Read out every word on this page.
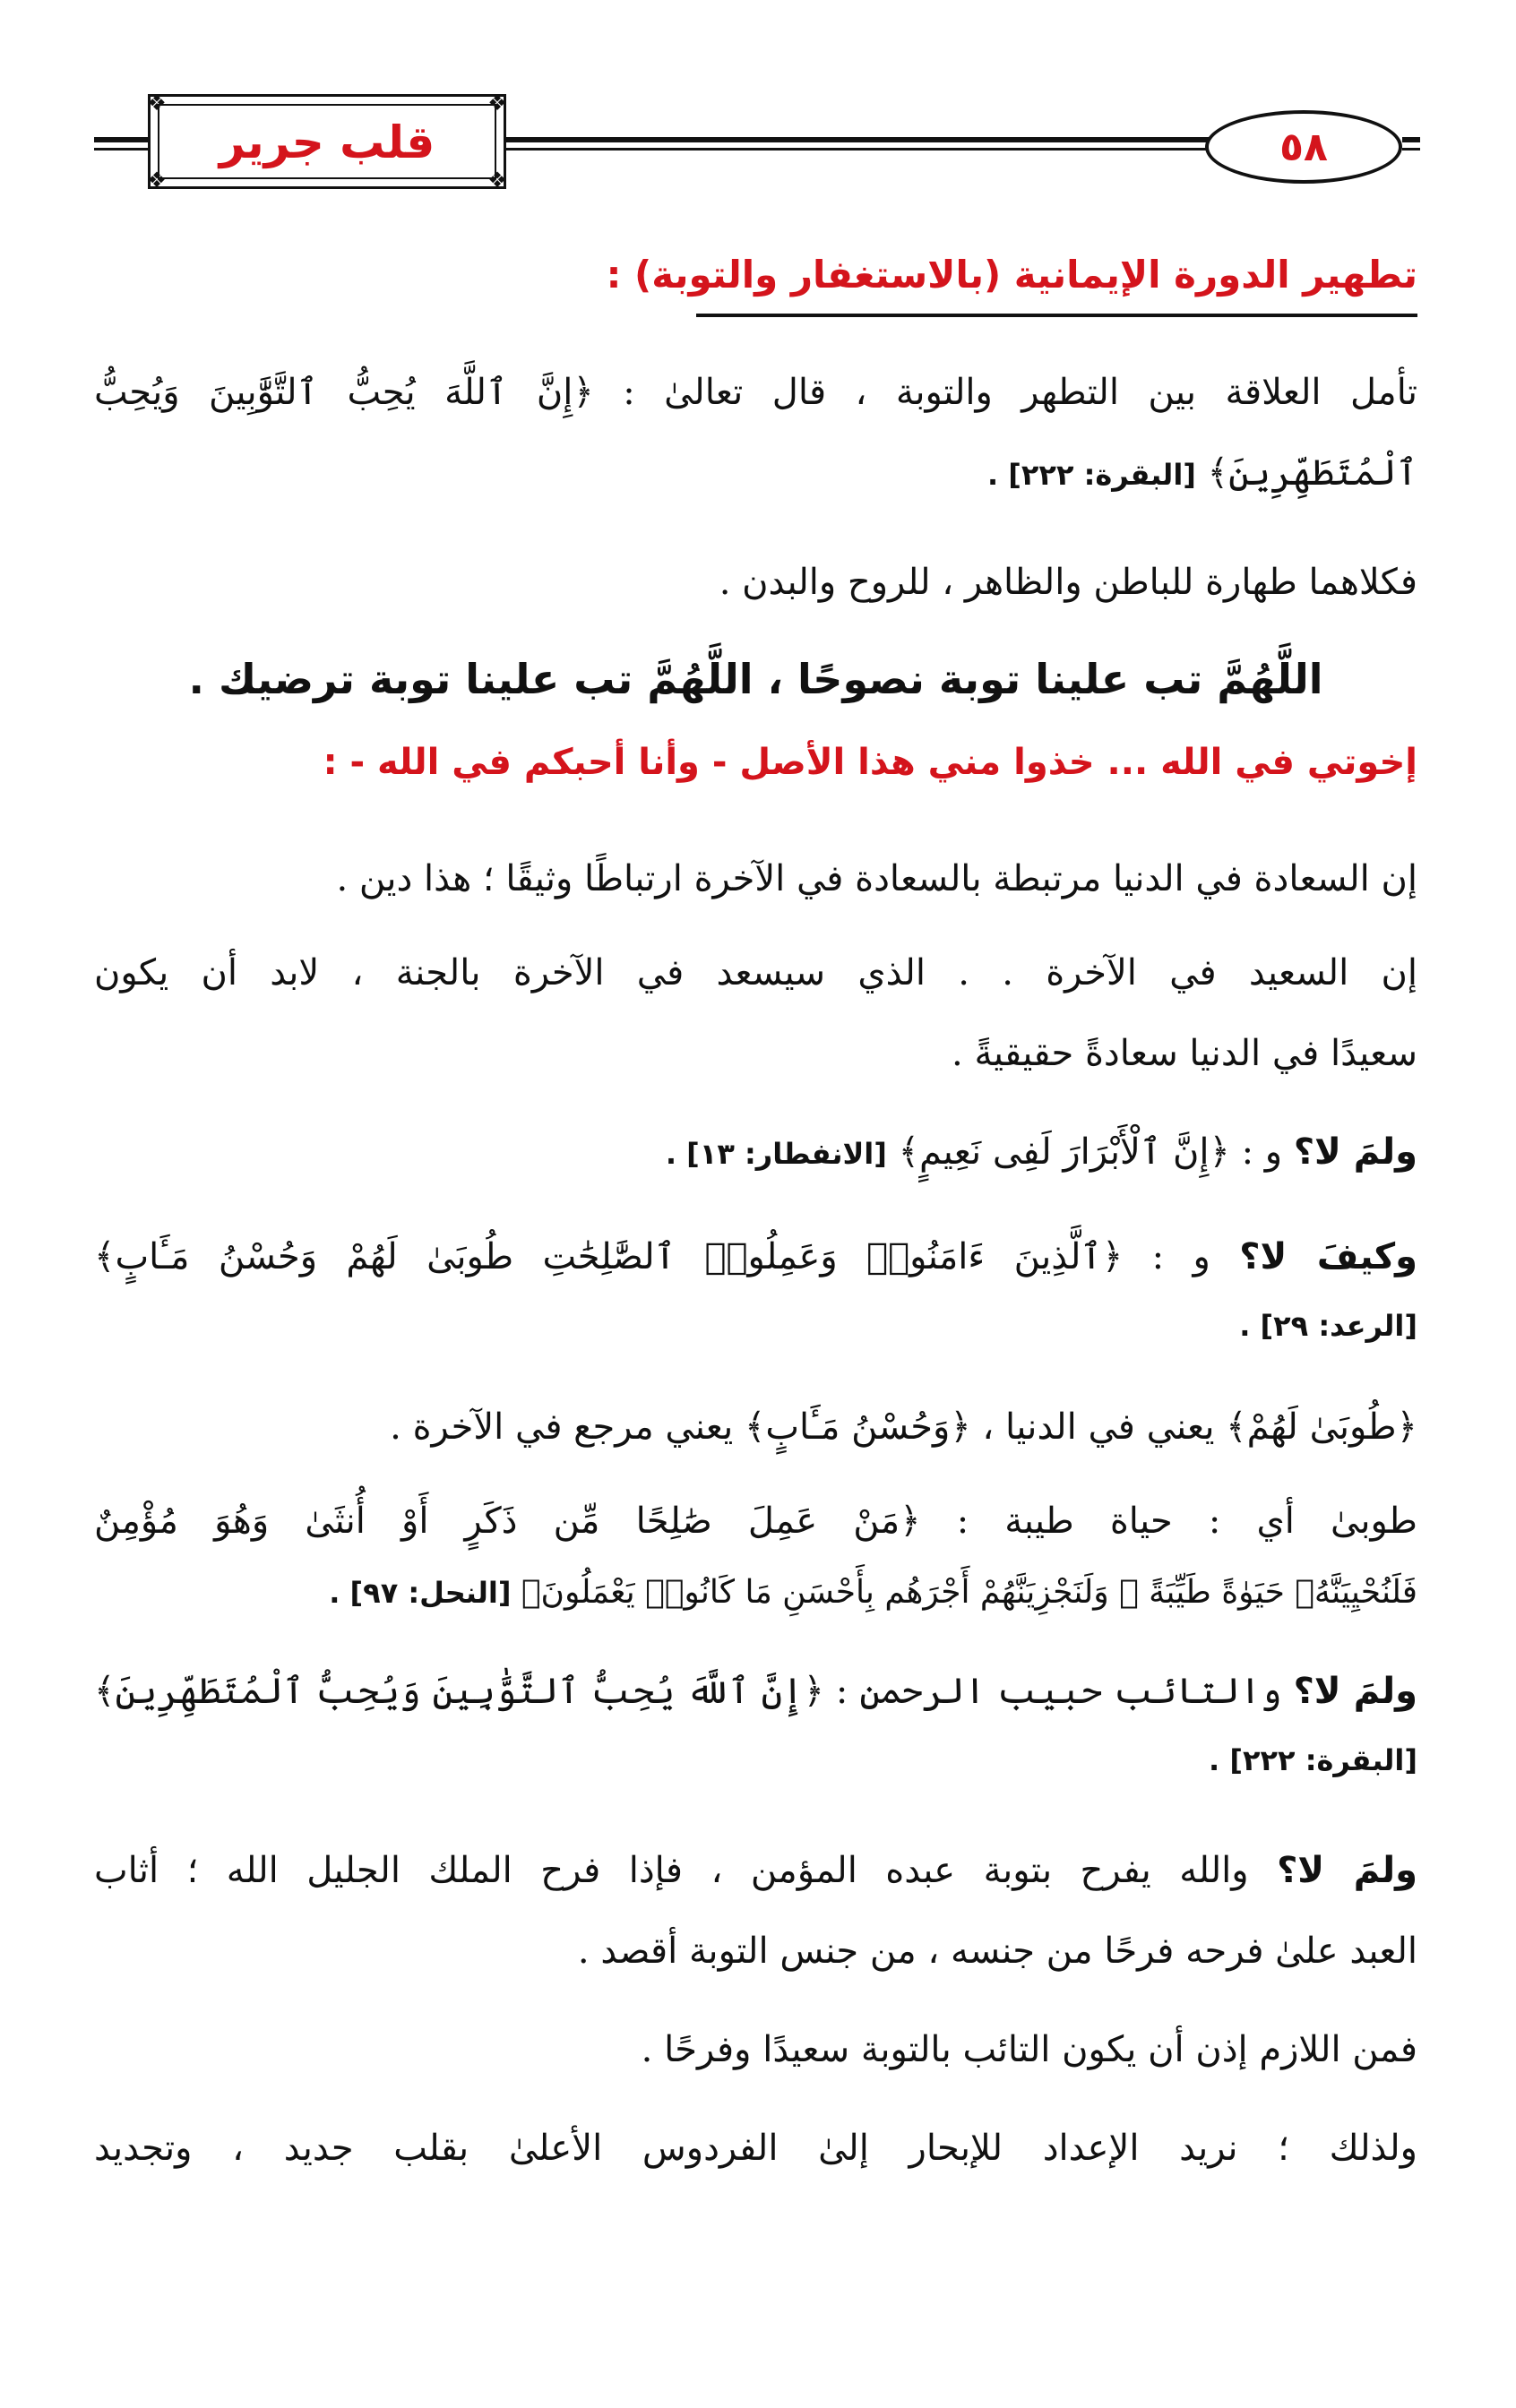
❖	❖
❖	❖
قلب جرير	٥٨
تطهير الدورة الإيمانية (بالاستغفار والتوبة) :
تأمل العلاقة بين التطهر والتوبة ، قال تعالىٰ : ﴿إِنَّ ٱللَّهَ يُحِبُّ ٱلتَّوَّٰبِينَ وَيُحِبُّ
ٱلْمُتَطَهِّرِينَ﴾ [البقرة: ٢٢٢] .
فكلاهما طهارة للباطن والظاهر ، للروح والبدن .
اللَّهُمَّ تب علينا توبة نصوحًا ، اللَّهُمَّ تب علينا توبة ترضيك .
إخوتي في الله ... خذوا مني هذا الأصل - وأنا أحبكم في الله - :
إن السعادة في الدنيا مرتبطة بالسعادة في الآخرة ارتباطًا وثيقًا ؛ هذا دين .
إن السعيد في الآخرة . . الذي سيسعد في الآخرة بالجنة ، لابد أن يكون
سعيدًا في الدنيا سعادةً حقيقيةً .
ولمَ لا؟ و : ﴿إِنَّ ٱلْأَبْرَارَ لَفِى نَعِيمٍ﴾ [الانفطار: ١٣] .
وكيفَ لا؟ و : ﴿ٱلَّذِينَ ءَامَنُوا۟ وَعَمِلُوا۟ ٱلصَّٰلِحَٰتِ طُوبَىٰ لَهُمْ وَحُسْنُ مَـَٔابٍ﴾
[الرعد: ٢٩] .
﴿طُوبَىٰ لَهُمْ﴾ يعني في الدنيا ، ﴿وَحُسْنُ مَـَٔابٍ﴾ يعني مرجع في الآخرة .
طوبىٰ أي : حياة طيبة : ﴿مَنْ عَمِلَ صَٰلِحًا مِّن ذَكَرٍ أَوْ أُنثَىٰ وَهُوَ مُؤْمِنٌ
فَلَنُحْيِيَنَّهُۥ حَيَوٰةً طَيِّبَةً ۖ وَلَنَجْزِيَنَّهُمْ أَجْرَهُم بِأَحْسَنِ مَا كَانُوا۟ يَعْمَلُونَ﴾ [النحل: ٩٧] .
ولمَ لا؟ والتائب حبيب الرحمن : ﴿إِنَّ ٱللَّهَ يُحِبُّ ٱلتَّوَّٰبِينَ وَيُحِبُّ ٱلْمُتَطَهِّرِينَ﴾
[البقرة: ٢٢٢] .
ولمَ لا؟ والله يفرح بتوبة عبده المؤمن ، فإذا فرح الملك الجليل الله ؛ أثاب
العبد علىٰ فرحه فرحًا من جنسه ، من جنس التوبة أقصد .
فمن اللازم إذن أن يكون التائب بالتوبة سعيدًا وفرحًا .
ولذلك ؛ نريد الإعداد للإبحار إلىٰ الفردوس الأعلىٰ بقلب جديد ، وتجديد
